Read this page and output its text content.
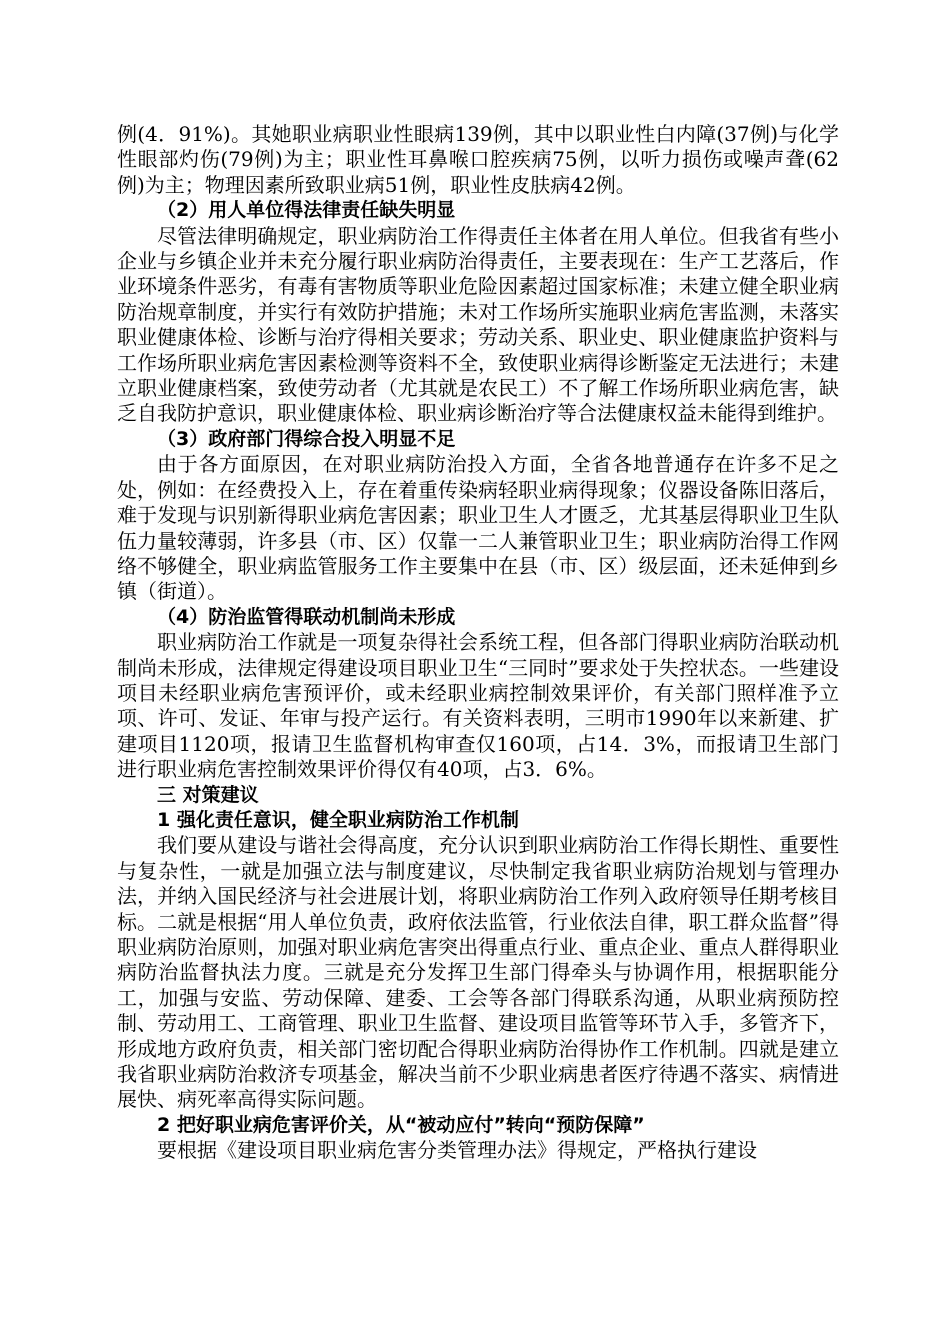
例(4．91%)。其她职业病职业性眼病139例，其中以职业性白内障(37例)与化学性眼部灼伤(79例)为主；职业性耳鼻喉口腔疾病75例，以听力损伤或噪声聋(62例)为主；物理因素所致职业病51例，职业性皮肤病42例。

（2）用人单位得法律责任缺失明显

尽管法律明确规定，职业病防治工作得责任主体者在用人单位。但我省有些小企业与乡镇企业并未充分履行职业病防治得责任，主要表现在：生产工艺落后，作业环境条件恶劣，有毒有害物质等职业危险因素超过国家标准；未建立健全职业病防治规章制度，并实行有效防护措施；未对工作场所实施职业病危害监测，未落实职业健康体检、诊断与治疗得相关要求；劳动关系、职业史、职业健康监护资料与工作场所职业病危害因素检测等资料不全，致使职业病得诊断鉴定无法进行；未建立职业健康档案，致使劳动者（尤其就是农民工）不了解工作场所职业病危害，缺乏自我防护意识，职业健康体检、职业病诊断治疗等合法健康权益未能得到维护。

（3）政府部门得综合投入明显不足

由于各方面原因，在对职业病防治投入方面，全省各地普通存在许多不足之处，例如：在经费投入上，存在着重传染病轻职业病得现象；仪器设备陈旧落后，难于发现与识别新得职业病危害因素；职业卫生人才匮乏，尤其基层得职业卫生队伍力量较薄弱，许多县（市、区）仅靠一二人兼管职业卫生；职业病防治得工作网络不够健全，职业病监管服务工作主要集中在县（市、区）级层面，还未延伸到乡镇（街道）。

（4）防治监管得联动机制尚未形成

职业病防治工作就是一项复杂得社会系统工程，但各部门得职业病防治联动机制尚未形成，法律规定得建设项目职业卫生“三同时”要求处于失控状态。一些建设项目未经职业病危害预评价，或未经职业病控制效果评价，有关部门照样准予立项、许可、发证、年审与投产运行。有关资料表明，三明市1990年以来新建、扩建项目1120项，报请卫生监督机构审查仅160项，占14．3%，而报请卫生部门进行职业病危害控制效果评价得仅有40项，占3．6%。

三 对策建议

1 强化责任意识，健全职业病防治工作机制

我们要从建设与谐社会得高度，充分认识到职业病防治工作得长期性、重要性与复杂性，一就是加强立法与制度建议，尽快制定我省职业病防治规划与管理办法，并纳入国民经济与社会进展计划，将职业病防治工作列入政府领导任期考核目标。二就是根据“用人单位负责，政府依法监管，行业依法自律，职工群众监督”得职业病防治原则，加强对职业病危害突出得重点行业、重点企业、重点人群得职业病防治监督执法力度。三就是充分发挥卫生部门得牵头与协调作用，根据职能分工，加强与安监、劳动保障、建委、工会等各部门得联系沟通，从职业病预防控制、劳动用工、工商管理、职业卫生监督、建设项目监管等环节入手，多管齐下，形成地方政府负责，相关部门密切配合得职业病防治得协作工作机制。四就是建立我省职业病防治救济专项基金，解决当前不少职业病患者医疗待遇不落实、病情进展快、病死率高得实际问题。

2 把好职业病危害评价关，从“被动应付”转向“预防保障”

要根据《建设项目职业病危害分类管理办法》得规定，严格执行建设
